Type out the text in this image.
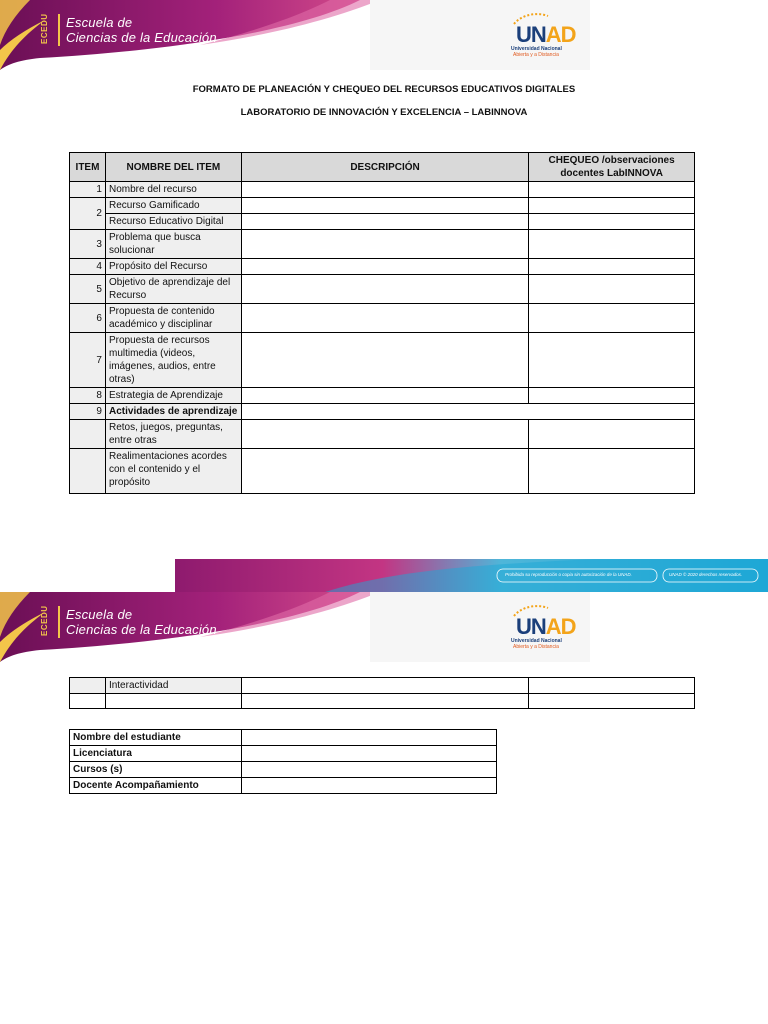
ECEDU Escuela de
Ciencias de la Educación	UNAD
Universidad Nacional
Abierta y a Distancia
FORMATO DE PLANEACIÓN Y CHEQUEO DEL RECURSOS EDUCATIVOS DIGITALES
LABORATORIO DE INNOVACIÓN Y EXCELENCIA – LABINNOVA
ITEM	NOMBRE DEL ITEM	DESCRIPCIÓN	CHEQUEO /observaciones docentes LabINNOVA
1	Nombre del recurso		
2	Recurso Gamificado		
	Recurso Educativo Digital		
3	Problema que busca solucionar		
4	Propósito del Recurso		
5	Objetivo de aprendizaje del Recurso		
6	Propuesta de contenido académico y disciplinar		
7	Propuesta de recursos multimedia (videos, imágenes, audios, entre otras)		
8	Estrategia de Aprendizaje		
9	Actividades de aprendizaje		
	Retos, juegos, preguntas, entre otras		
	Realimentaciones acordes con el contenido y el propósito		
Prohibida su reproducción o copia sin autorización de la UNAD.	UNAD © 2020 derechos reservados.
ECEDU Escuela de
Ciencias de la Educación	UNAD
Universidad Nacional
Abierta y a Distancia
	Interactividad		

Nombre del estudiante	
Licenciatura	
Cursos (s)	
Docente Acompañamiento	
